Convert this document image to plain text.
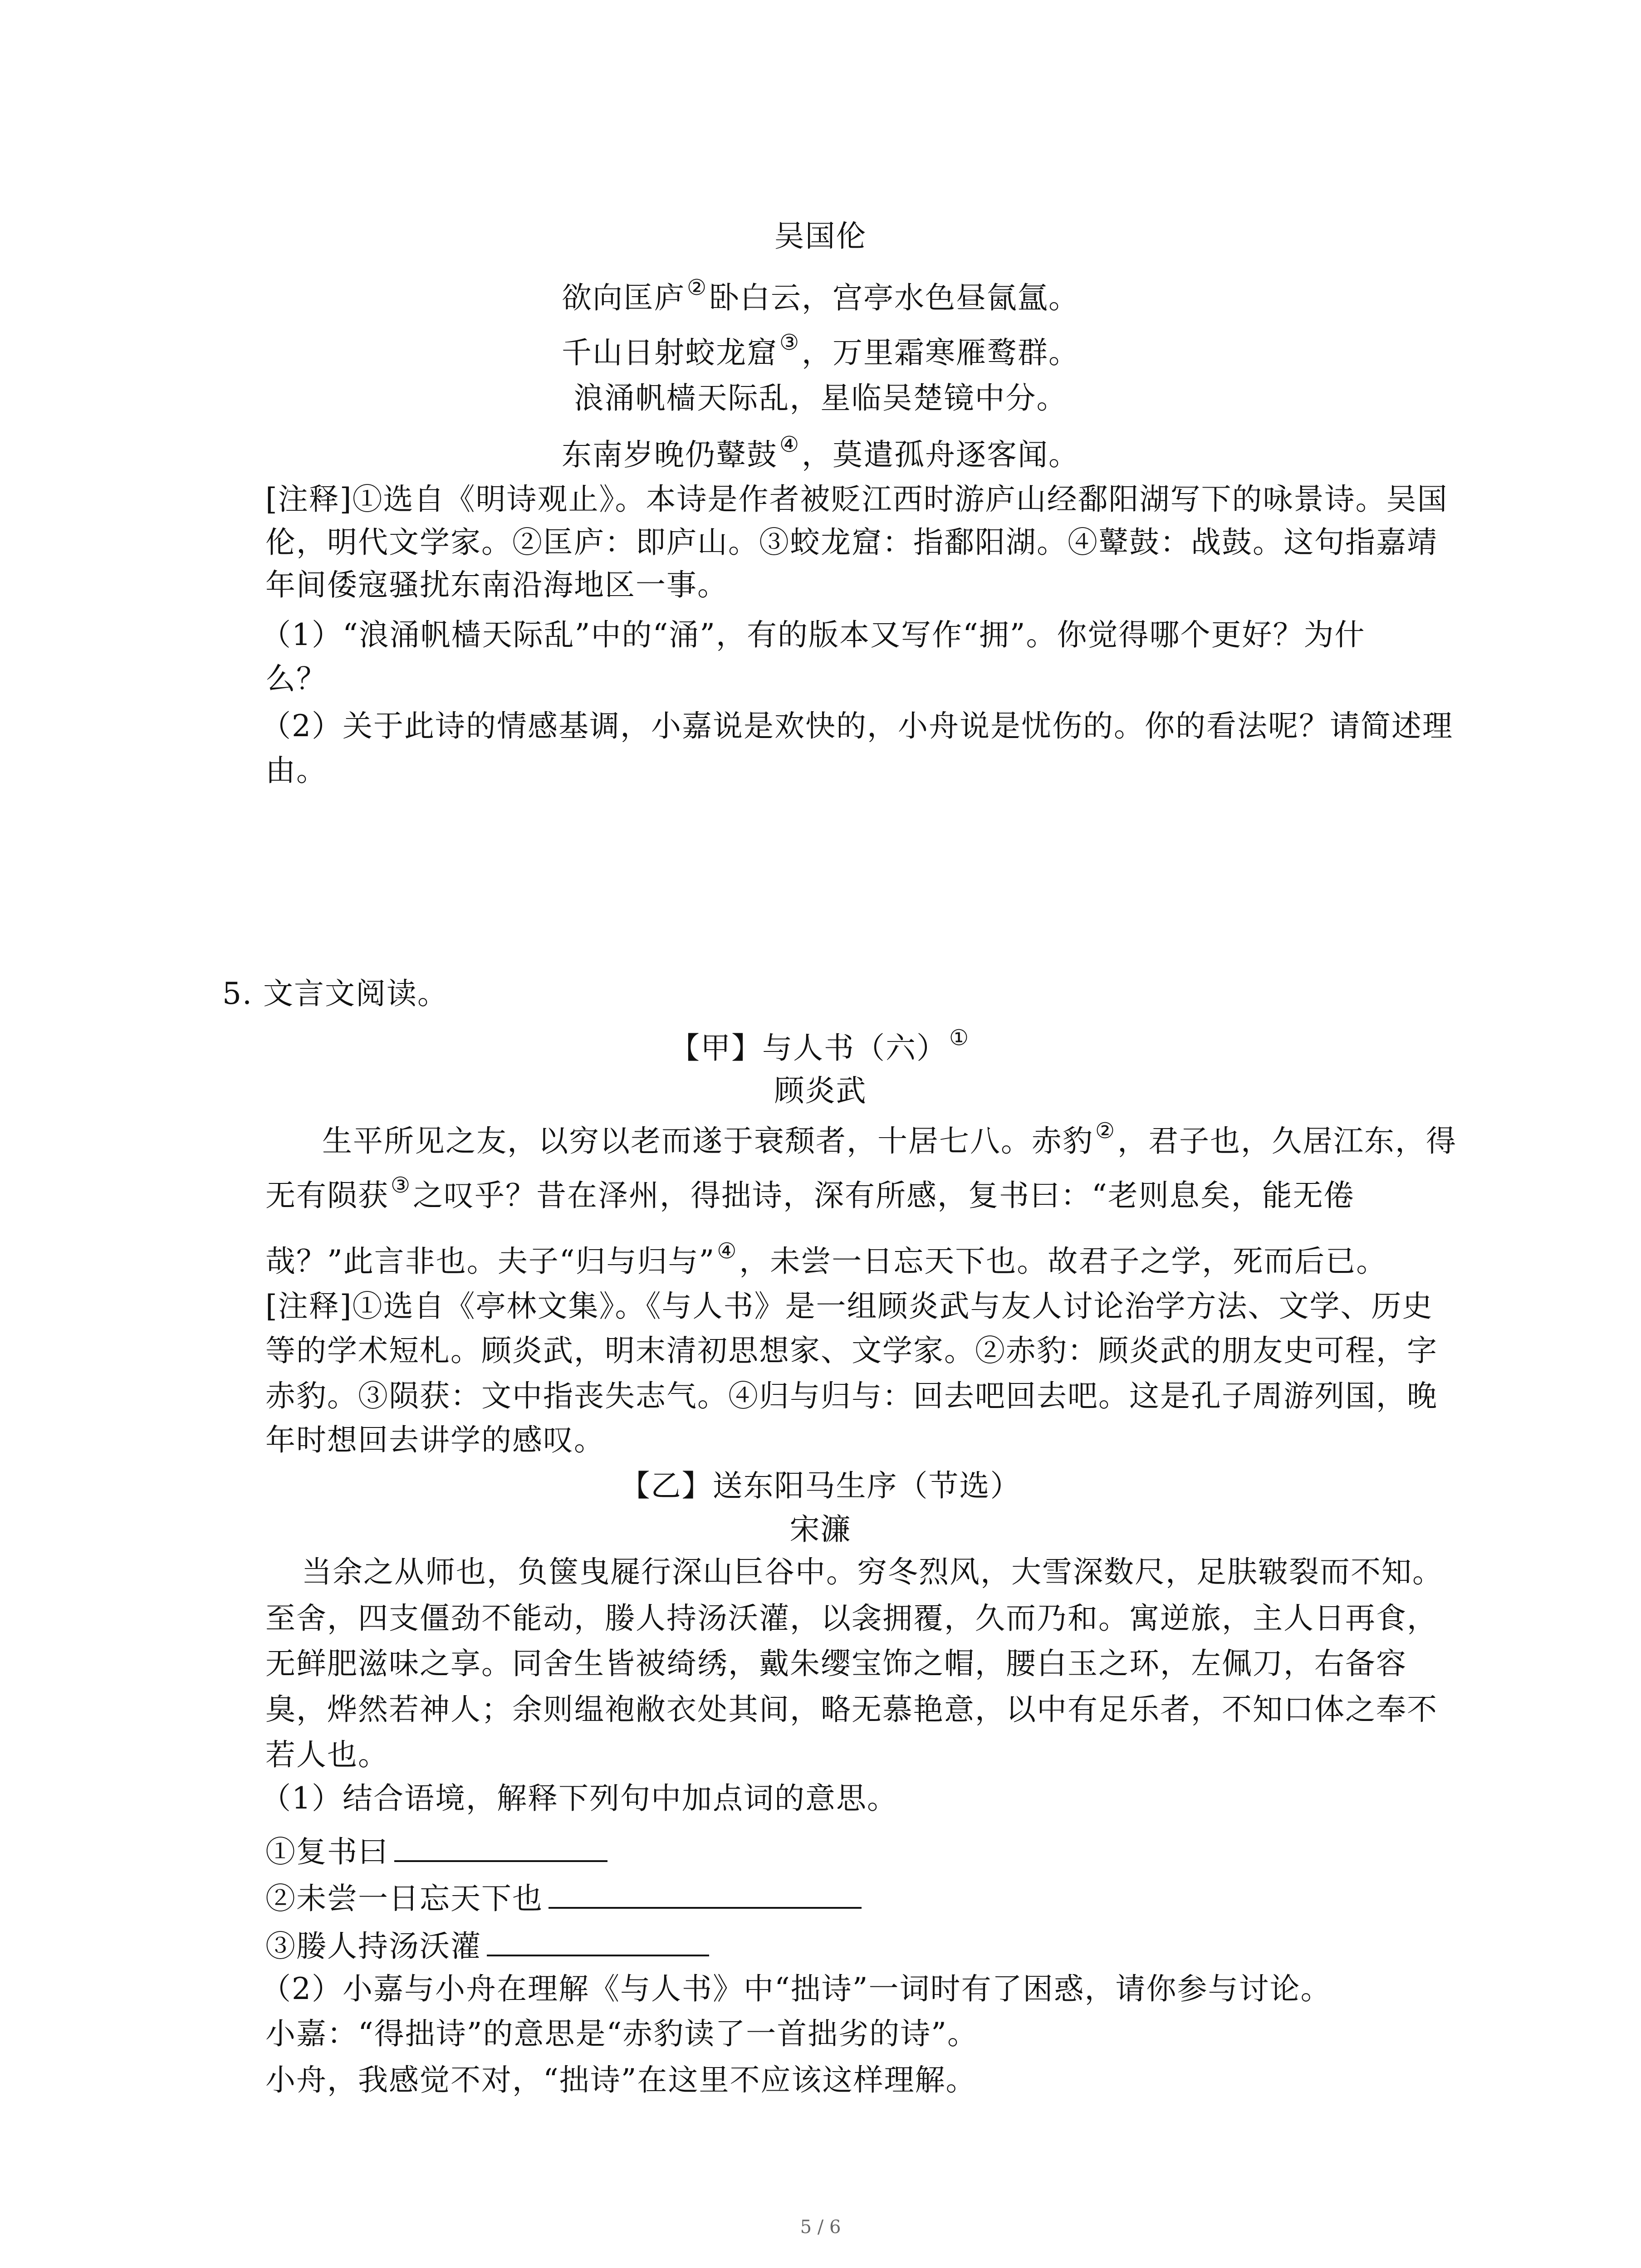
吴国伦
欲向匡庐②卧白云，宫亭水色昼氤氲。
千山日射蛟龙窟③，万里霜寒雁鹜群。
浪涌帆樯天际乱，星临吴楚镜中分。
东南岁晚仍鼙鼓④，莫遣孤舟逐客闻。
[注释]①选自《明诗观止》。本诗是作者被贬江西时游庐山经鄱阳湖写下的咏景诗。吴国
伦，明代文学家。②匡庐：即庐山。③蛟龙窟：指鄱阳湖。④鼙鼓：战鼓。这句指嘉靖
年间倭寇骚扰东南沿海地区一事。
（1）“浪涌帆樯天际乱”中的“涌”，有的版本又写作“拥”。你觉得哪个更好？为什
么？
（2）关于此诗的情感基调，小嘉说是欢快的，小舟说是忧伤的。你的看法呢？请简述理
由。
5. 文言文阅读。
【甲】与人书（六）①
顾炎武
生平所见之友，以穷以老而遂于衰颓者，十居七八。赤豹②，君子也，久居江东，得
无有陨获③之叹乎？昔在泽州，得拙诗，深有所感，复书曰：“老则息矣，能无倦
哉？”此言非也。夫子“归与归与”④，未尝一日忘天下也。故君子之学，死而后已。
[注释]①选自《亭林文集》。《与人书》是一组顾炎武与友人讨论治学方法、文学、历史
等的学术短札。顾炎武，明末清初思想家、文学家。②赤豹：顾炎武的朋友史可程，字
赤豹。③陨获：文中指丧失志气。④归与归与：回去吧回去吧。这是孔子周游列国，晚
年时想回去讲学的感叹。
【乙】送东阳马生序（节选）
宋濂
当余之从师也，负箧曳屣行深山巨谷中。穷冬烈风，大雪深数尺，足肤皲裂而不知。
至舍，四支僵劲不能动，媵人持汤沃灌，以衾拥覆，久而乃和。寓逆旅，主人日再食，
无鲜肥滋味之享。同舍生皆被绮绣，戴朱缨宝饰之帽，腰白玉之环，左佩刀，右备容
臭，烨然若神人；余则缊袍敝衣处其间，略无慕艳意，以中有足乐者，不知口体之奉不
若人也。
（1）结合语境，解释下列句中加点词的意思。
①复书曰
②未尝一日忘天下也
③媵人持汤沃灌
（2）小嘉与小舟在理解《与人书》中“拙诗”一词时有了困惑，请你参与讨论。
小嘉：“得拙诗”的意思是“赤豹读了一首拙劣的诗”。
小舟，我感觉不对，“拙诗”在这里不应该这样理解。
5 / 6
